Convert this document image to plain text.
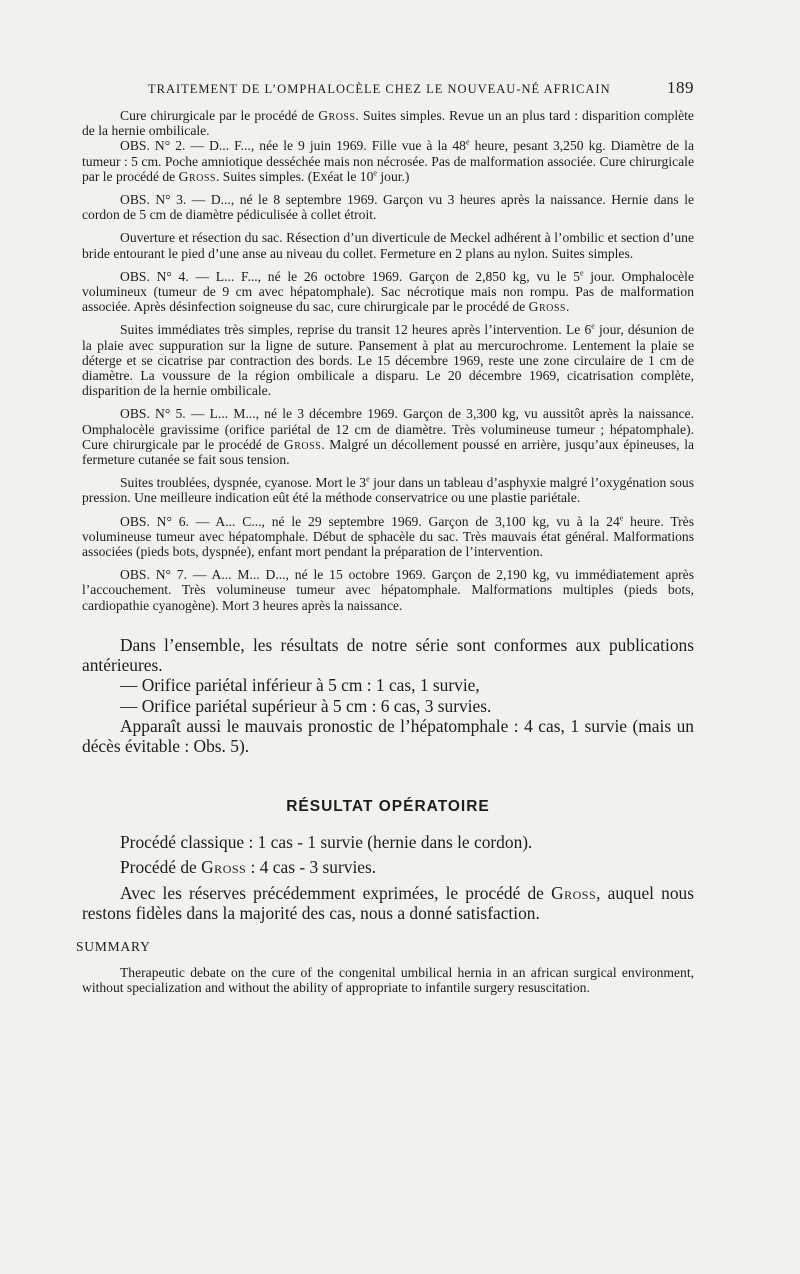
TRAITEMENT DE L’OMPHALOCÈLE CHEZ LE NOUVEAU-NÉ AFRICAIN	189

Cure chirurgicale par le procédé de Gross. Suites simples. Revue un an plus tard : disparition complète de la hernie ombilicale.

OBS. N° 2. — D... F..., née le 9 juin 1969. Fille vue à la 48e heure, pesant 3,250 kg. Diamètre de la tumeur : 5 cm. Poche amniotique desséchée mais non nécrosée. Pas de malformation associée. Cure chirurgicale par le procédé de Gross. Suites simples. (Exéat le 10e jour.)

OBS. N° 3. — D..., né le 8 septembre 1969. Garçon vu 3 heures après la naissance. Hernie dans le cordon de 5 cm de diamètre pédiculisée à collet étroit.

Ouverture et résection du sac. Résection d’un diverticule de Meckel adhérent à l’ombilic et section d’une bride entourant le pied d’une anse au niveau du collet. Fermeture en 2 plans au nylon. Suites simples.

OBS. N° 4. — L... F..., né le 26 octobre 1969. Garçon de 2,850 kg, vu le 5e jour. Omphalocèle volumineux (tumeur de 9 cm avec hépatomphale). Sac nécrotique mais non rompu. Pas de malformation associée. Après désinfection soigneuse du sac, cure chirurgicale par le procédé de Gross.

Suites immédiates très simples, reprise du transit 12 heures après l’intervention. Le 6e jour, désunion de la plaie avec suppuration sur la ligne de suture. Pansement à plat au mercurochrome. Lentement la plaie se déterge et se cicatrise par contraction des bords. Le 15 décembre 1969, reste une zone circulaire de 1 cm de diamètre. La voussure de la région ombilicale a disparu. Le 20 décembre 1969, cicatrisation complète, disparition de la hernie ombilicale.

OBS. N° 5. — L... M..., né le 3 décembre 1969. Garçon de 3,300 kg, vu aussitôt après la naissance. Omphalocèle gravissime (orifice pariétal de 12 cm de diamètre. Très volumineuse tumeur ; hépatomphale). Cure chirurgicale par le procédé de Gross. Malgré un décollement poussé en arrière, jusqu’aux épineuses, la fermeture cutanée se fait sous tension.

Suites troublées, dyspnée, cyanose. Mort le 3e jour dans un tableau d’asphyxie malgré l’oxygénation sous pression. Une meilleure indication eût été la méthode conservatrice ou une plastie pariétale.

OBS. N° 6. — A... C..., né le 29 septembre 1969. Garçon de 3,100 kg, vu à la 24e heure. Très volumineuse tumeur avec hépatomphale. Début de sphacèle du sac. Très mauvais état général. Malformations associées (pieds bots, dyspnée), enfant mort pendant la préparation de l’intervention.

OBS. N° 7. — A... M... D..., né le 15 octobre 1969. Garçon de 2,190 kg, vu immédiatement après l’accouchement. Très volumineuse tumeur avec hépatomphale. Malformations multiples (pieds bots, cardiopathie cyanogène). Mort 3 heures après la naissance.

Dans l’ensemble, les résultats de notre série sont conformes aux publications antérieures.

— Orifice pariétal inférieur à 5 cm : 1 cas, 1 survie,

— Orifice pariétal supérieur à 5 cm : 6 cas, 3 survies.

Apparaît aussi le mauvais pronostic de l’hépatomphale : 4 cas, 1 survie (mais un décès évitable : Obs. 5).

RÉSULTAT OPÉRATOIRE

Procédé classique : 1 cas - 1 survie (hernie dans le cordon).

Procédé de Gross : 4 cas - 3 survies.

Avec les réserves précédemment exprimées, le procédé de Gross, auquel nous restons fidèles dans la majorité des cas, nous a donné satisfaction.

SUMMARY

Therapeutic debate on the cure of the congenital umbilical hernia in an african surgical environment, without specialization and without the ability of appropriate to infantile surgery resuscitation.
